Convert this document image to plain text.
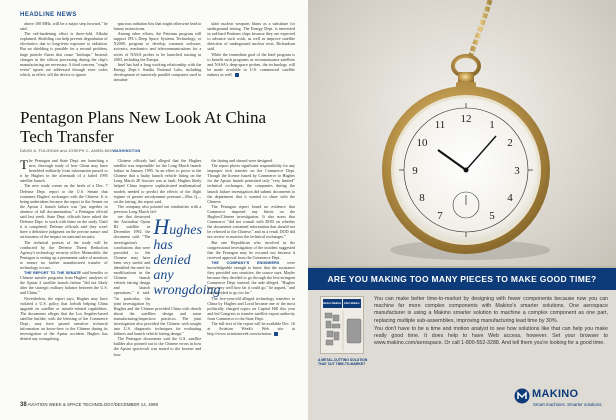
HEADLINE NEWS

above 100 MHz, will be a major step forward," he said.

The rad-hardening effort is three-fold, Alkalai explained. Shielding can help prevent degradation of electronics due to long-term exposure to radiation. But no shielding is possible for a second problem, large particle fluxes that cause "latchups." Instead, changes in the silicon processing during the chip's manufacturing are necessary. A third concern, "single event" upsets are addressed through error codes which, in effect, tell the device to ignore

spurious radiation hits that might otherwise lead to binary instructions.

Among other efforts, the Pentium program will support JPL's Deep Space Systems Technology, or X2000, program to develop common software, avionics, mechanics and telecommunications for a series of NASA probes to be launched starting in 2003, including the Europa.

Intel has had a long working relationship with the Energy Dept.'s Sandia National Labs, including development of massively parallel computers used to simulate

ulate nuclear weapons blasts as a substitute for underground testing. The Energy Dept. is interested in rad-hard Pentium chips because they are expected to advance such work, as well as improve satellite detection of underground nuclear tests, Richardson said.

While the immediate goal of the Intel program is to benefit such programs as reconnaissance satellites and NASA's deep-space probes, the technology will be made available to U.S. commercial satellite makers as well.

Pentagon Plans New Look At China Tech Transfer
DAVID A. FULGHUM and JOSEPH C. ANSELMO/WASHINGTON

The Pentagon and State Dept. are launching a new, thorough study of how China may have benefited militarily from information passed to it by Hughes in the aftermath of a failed 1995 satellite launch.

The new study comes on the heels of a Dec. 7 Defense Dept. report to the U.S. Senate that examines Hughes' exchanges with the Chinese. It is being undertaken because the report to the Senate on the Apstar 2 launch failure was "put together in absence of full documentation," a Pentagon official said last week. State Dept. officials have asked the Defense Dept. to work with them on the study. Until it is completed, Defense officials said they won't have a definitive judgment on the precise nature and seriousness of the impact on national security.

The technical portion of the study will be conducted by the Defense Threat Reduction Agency's technology security office. Meanwhile, the Pentagon is setting up a permanent cadre of monitors to ensure no further unauthorized transfer of technology occurs.

THE REPORT TO THE SENATE said benefits to Chinese missile programs from Hughes' analyses of the Apstar 2 satellite launch failure "did not likely alter the strategic military balance between the U.S. and China."

Nevertheless, the report says, Hughes may have violated a U.S. policy that forbids helping China upgrade its satellite or missile-related capabilities. The documents alleges that the Los Angeles-based satellite builder, with the blessing of the Commerce Dept., may have passed sensitive technical information on know-how to the Chinese during its investigation of the Apstar accident. Hughes has denied any wrongdoing.

Chinese officials had alleged that the Hughes satellite was responsible for the Long March launch failure in January 1995. In an effort to prove to the Chinese that a faulty launch vehicle fitting on the Long March 2E booster was at fault, Hughes likely helped China improve sophisticated mathematical models needed to predict the effects of the flight regime of greater aerodynamic pressure—Max Q—on the fairing, the report said.

The company also pointed out similarities with a previous Long March fail-

Hughes has denied any wrongdoing

ure that destroyed the Australian Optus B2 satellite in December 1992, the document said. "The investigation's conclusions that were provided to the Chinese may have been very useful and identified the need for modifications in the Chinese launch vehicle fairing design and launch operations," it said. "In particular, the joint investigation by Hughes and the Chinese provided China with details about the satellites design and some manufacturing/inspection practices. The joint investigation also provided the Chinese with insight into U.S. diagnostic techniques for evaluating failures and launch vehicle fairing design."

The Pentagon documents said the U.S. satellite builder also pointed out to the Chinese errors in how the Apstar spacecraft was mated to the booster and how

the fairing and shroud were designed.

The report places significant responsibility for any improper tech transfer on the Commerce Dept. Though the license issued by Commerce to Hughes for the Apstar launch permitted only "very limited" technical exchanges, the companies during the launch failure investigation did submit documents to the department that it wanted to share with the Chinese.

The Pentagon report found no evidence that Commerce imposed any limits on the Hughes/Chinese investigation. It also notes that Commerce "did not consult with DOD on whether the documents contained information that should not be released to the Chinese," and as a result DOD did not review or monitor the technical exchanges."

But one Republican who involved in the congressional investigation of the incident suggested that the Pentagon may be excused not because it received approval from the Commerce Dept.

THE COMPANY'S ENGINEERS were knowledgeable enough to know that the assistance they provided was sensitive, the source says. Maybe because they decided to go through the less-stringent Commerce Dept. instead, the aide alleged. "Hughes knew very well how far it could go," he argued, "and they decided to go too far."

The five-year-old alleged technology transfers to China by Hughes and Loral became one of the most politically charged topics on Capitol Hill this year and led Congress to transfer satellite export authority from Commerce to the State Dept.

The full-text of the report will be available Dec. 16 at Aviation Week's Web site at http://www.aviationweek.com/aviation.

38 AVIATION WEEK & SPACE TECHNOLOGY/DECEMBER 14, 1998
12 1
2
3
4
5
7
8
9
10
11
ARE YOU MAKING TOO MANY PIECES TO MAKE GOOD TIME?
Before Makino	After Makino
A METAL-CUTTING SOLUTION THAT CUT TIME-TO-MARKET

You can make better time-to-market by designing with fewer components because now you can machine far more complex components with Makino's smarter solutions. One aerospace manufacturer is using a Makino smarter solution to machine a complex component as one part, replacing multiple sub-assemblies, improving manufacturing lead time by 30%.

You don't have to be a time and motion analyst to see how solutions like that can help you make really good time. It does help to have Web access, however. Set your browser to www.makino.com/aerospace. Or call 1-800-552-3288. And tell them you're looking for a good time.

MAKINO
Smart machines. Smarter solutions.
